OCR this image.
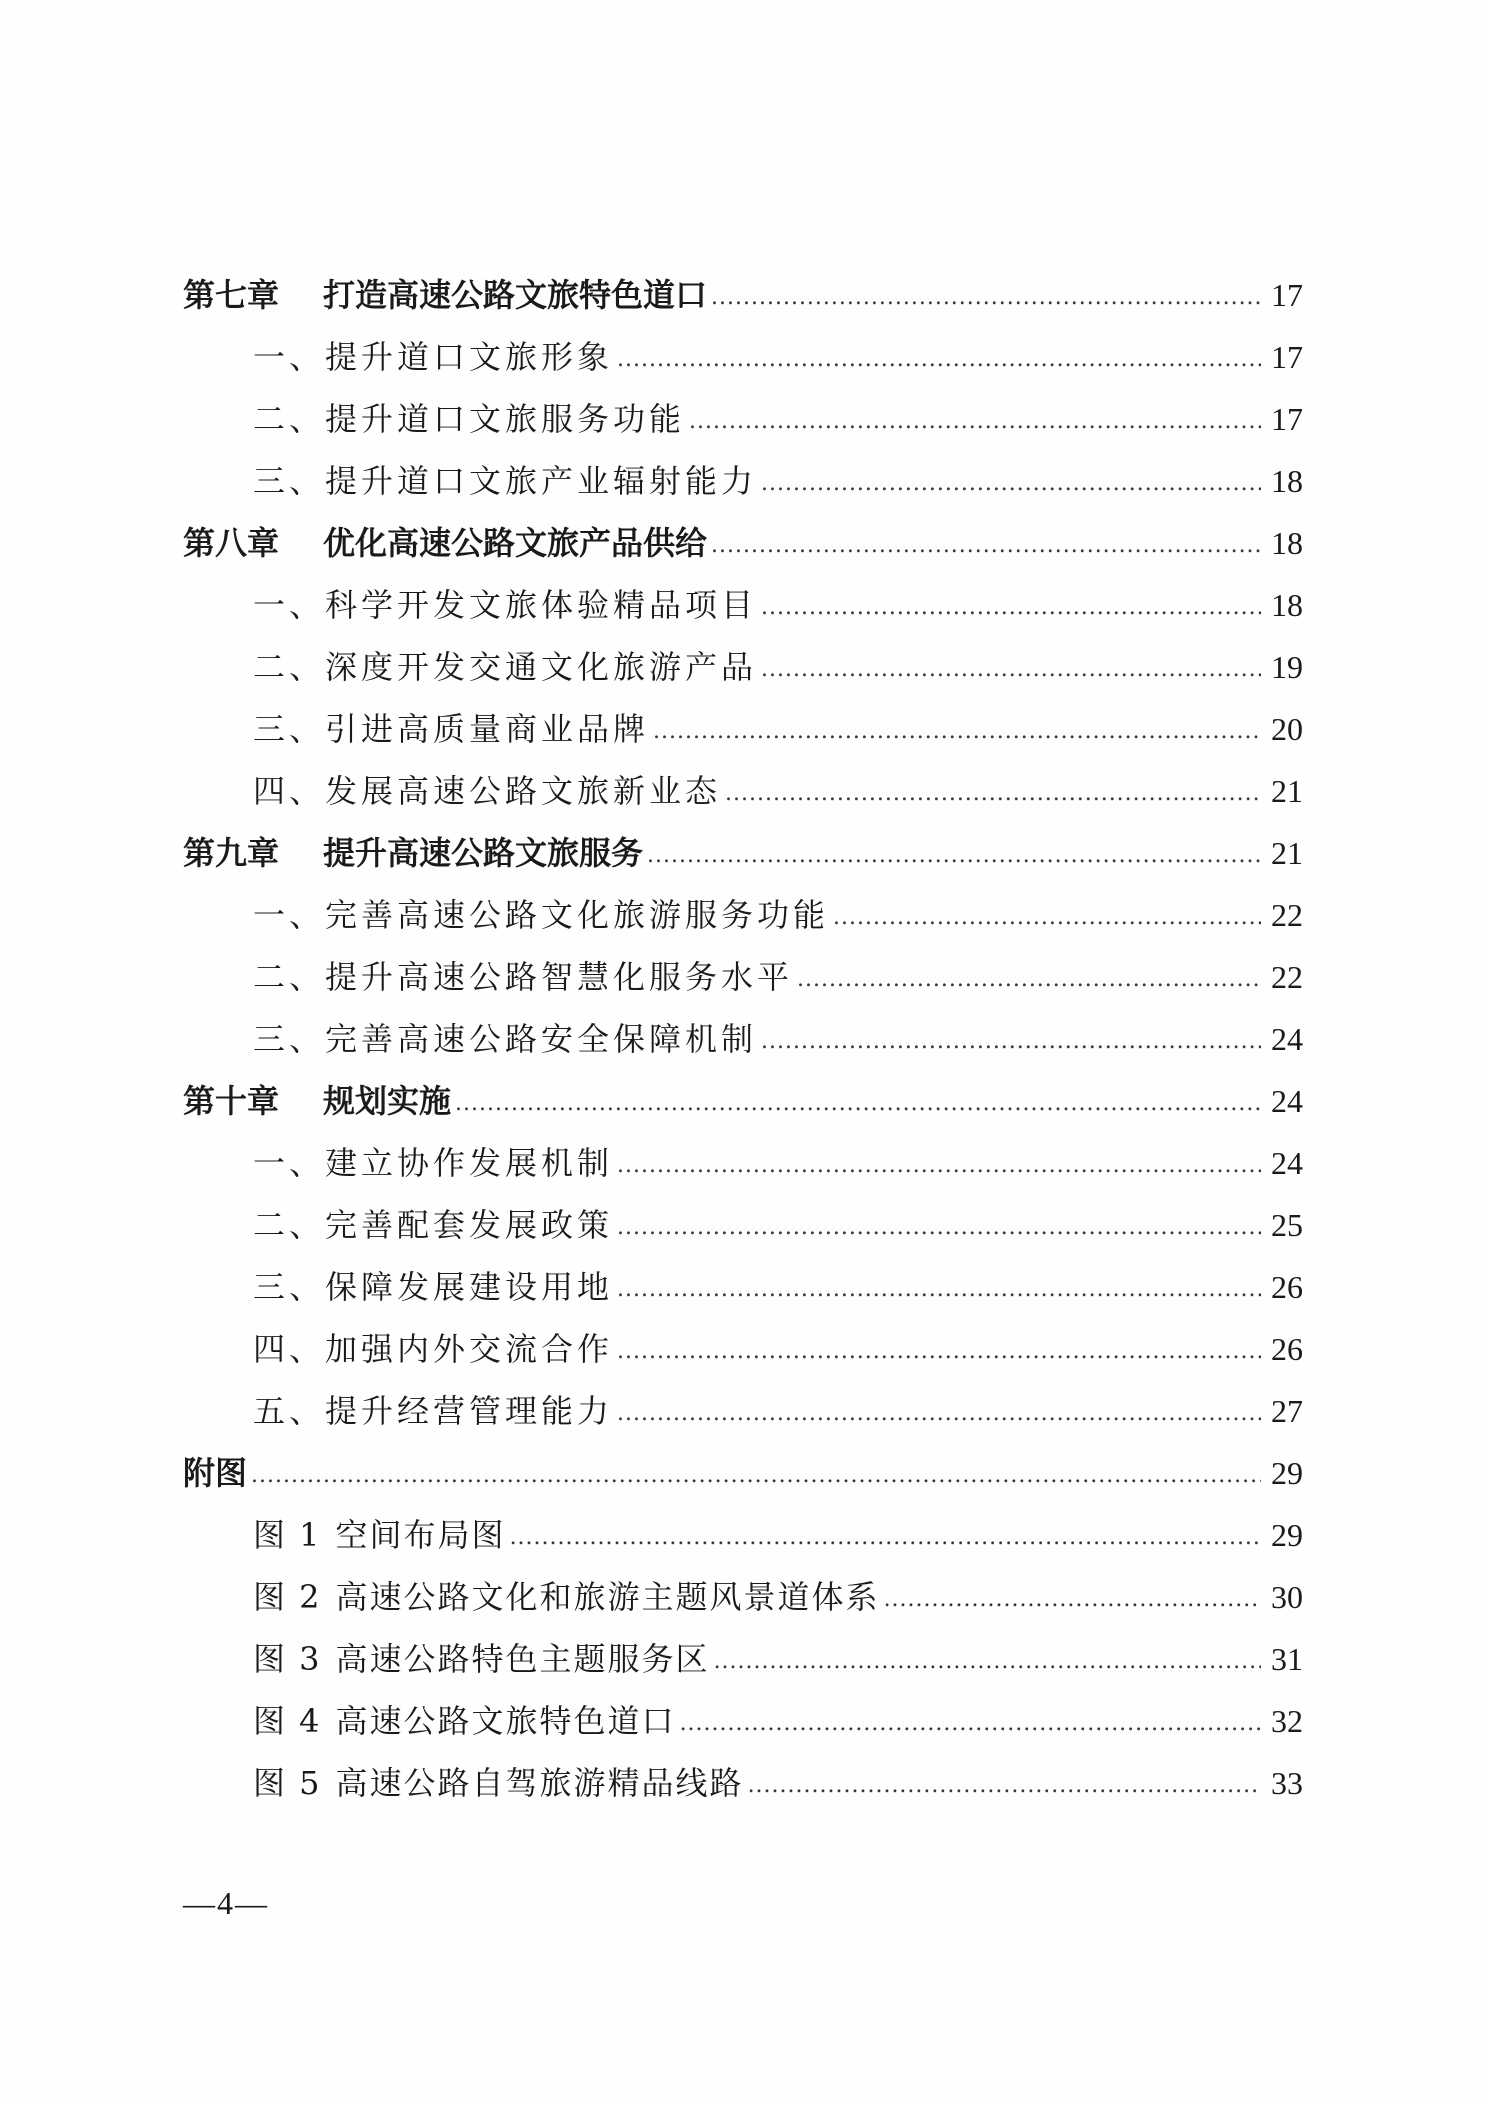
第七章	打造高速公路文旅特色道口 .....	17
一、提升道口文旅形象 .....	17
二、提升道口文旅服务功能 .....	17
三、提升道口文旅产业辐射能力 .....	18
第八章	优化高速公路文旅产品供给 .....	18
一、科学开发文旅体验精品项目 .....	18
二、深度开发交通文化旅游产品 .....	19
三、引进高质量商业品牌 .....	20
四、发展高速公路文旅新业态 .....	21
第九章	提升高速公路文旅服务 .....	21
一、完善高速公路文化旅游服务功能 .....	22
二、提升高速公路智慧化服务水平 .....	22
三、完善高速公路安全保障机制 .....	24
第十章	规划实施 .....	24
一、建立协作发展机制 .....	24
二、完善配套发展政策 .....	25
三、保障发展建设用地 .....	26
四、加强内外交流合作 .....	26
五、提升经营管理能力 .....	27
附图 .....	29
图 1 空间布局图 .....	29
图 2 高速公路文化和旅游主题风景道体系 .....	30
图 3 高速公路特色主题服务区 .....	31
图 4 高速公路文旅特色道口 .....	32
图 5 高速公路自驾旅游精品线路 .....	33
—4—
